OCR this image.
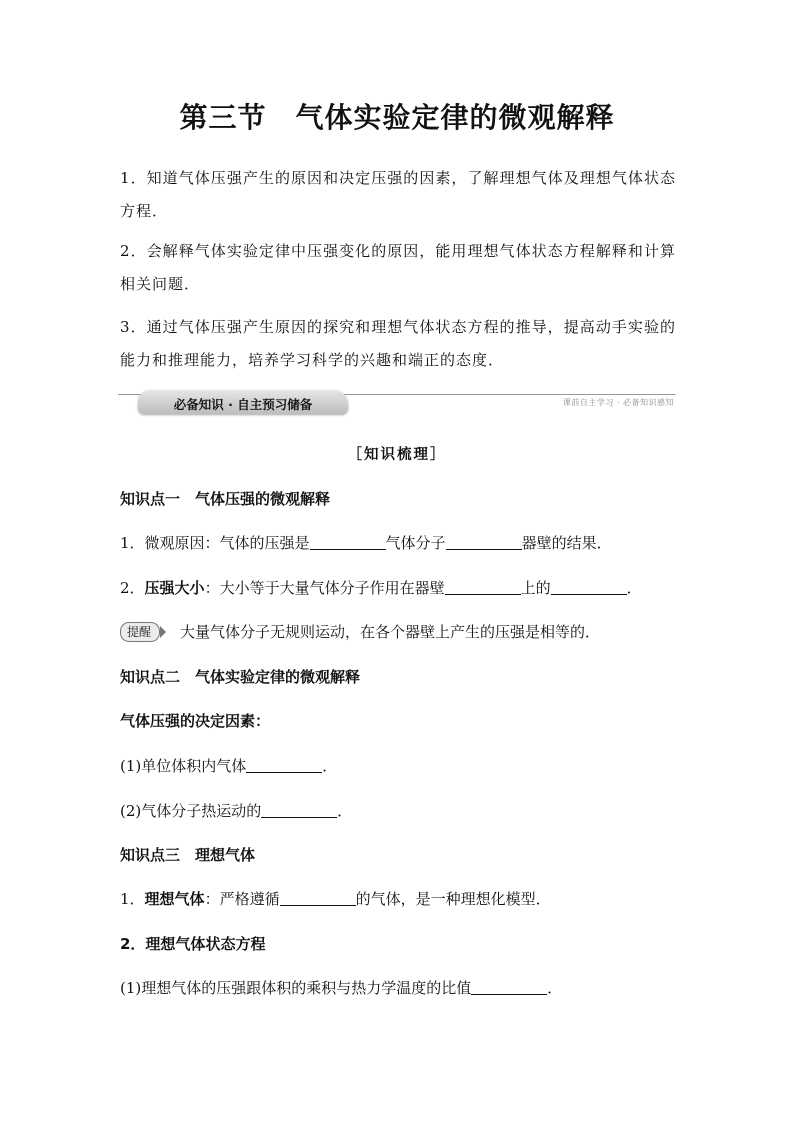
第三节　气体实验定律的微观解释
1．知道气体压强产生的原因和决定压强的因素，了解理想气体及理想气体状态方程．
2．会解释气体实验定律中压强变化的原因，能用理想气体状态方程解释和计算相关问题．
3．通过气体压强产生原因的探究和理想气体状态方程的推导，提高动手实验的能力和推理能力，培养学习科学的兴趣和端正的态度．
必备知识 · 自主预习储备	课前自主学习 · 必备知识感知
［知识梳理］
知识点一　气体压强的微观解释
1．微观原因：气体的压强是	气体分子	器壁的结果．
2．压强大小：大小等于大量气体分子作用在器壁	上的	．
提醒 大量气体分子无规则运动，在各个器壁上产生的压强是相等的．
知识点二　气体实验定律的微观解释
气体压强的决定因素：
(1)单位体积内气体	．
(2)气体分子热运动的	．
知识点三　理想气体
1．理想气体：严格遵循	的气体，是一种理想化模型．
2．理想气体状态方程
(1)理想气体的压强跟体积的乘积与热力学温度的比值	．
